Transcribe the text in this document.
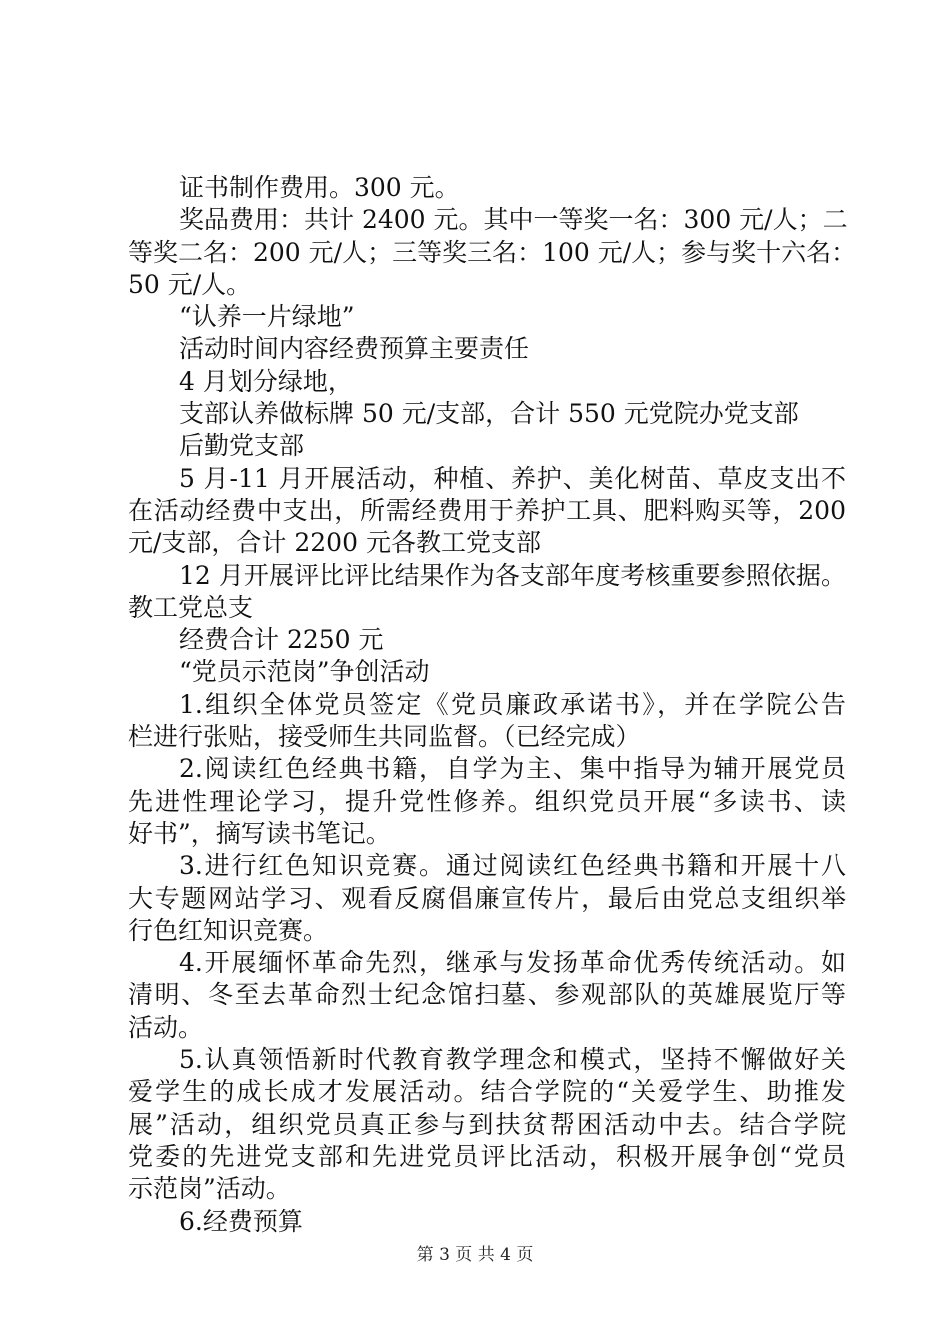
证书制作费用。300 元。
奖品费用：共计 2400 元。其中一等奖一名：300 元/人；二
等奖二名：200 元/人；三等奖三名：100 元/人；参与奖十六名：
50 元/人。
“认养一片绿地”
活动时间内容经费预算主要责任
4 月划分绿地，
支部认养做标牌 50 元/支部，合计 550 元党院办党支部
后勤党支部
5 月-11 月开展活动，种植、养护、美化树苗、草皮支出不
在活动经费中支出，所需经费用于养护工具、肥料购买等，200
元/支部，合计 2200 元各教工党支部
12 月开展评比评比结果作为各支部年度考核重要参照依据。
教工党总支
经费合计 2250 元
“党员示范岗”争创活动
1.组织全体党员签定《党员廉政承诺书》，并在学院公告
栏进行张贴，接受师生共同监督。（已经完成）
2.阅读红色经典书籍，自学为主、集中指导为辅开展党员
先进性理论学习，提升党性修养。组织党员开展“多读书、读
好书”，摘写读书笔记。
3.进行红色知识竞赛。通过阅读红色经典书籍和开展十八
大专题网站学习、观看反腐倡廉宣传片，最后由党总支组织举
行色红知识竞赛。
4.开展缅怀革命先烈，继承与发扬革命优秀传统活动。如
清明、冬至去革命烈士纪念馆扫墓、参观部队的英雄展览厅等
活动。
5.认真领悟新时代教育教学理念和模式，坚持不懈做好关
爱学生的成长成才发展活动。结合学院的“关爱学生、助推发
展”活动，组织党员真正参与到扶贫帮困活动中去。结合学院
党委的先进党支部和先进党员评比活动，积极开展争创“党员
示范岗”活动。
6.经费预算
第 3 页 共 4 页
